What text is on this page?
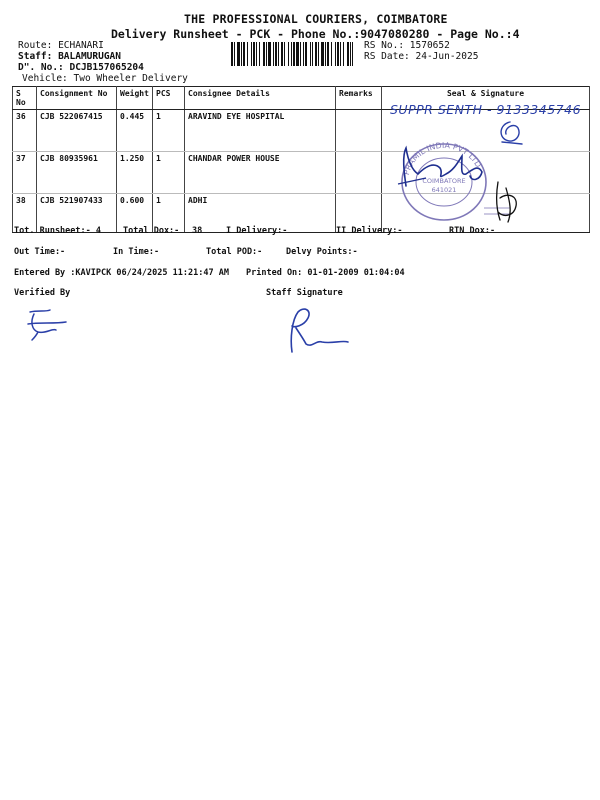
THE PROFESSIONAL COURIERS, COIMBATORE
Delivery Runsheet - PCK - Phone No.:9047080280 - Page No.:4
Route: ECHANARI
Staff: BALAMURUGAN
D". No.: DCJB157065204
Vehicle: Two Wheeler Delivery
RS No.: 1570652
RS Date: 24-Jun-2025
S No	Consignment No	Weight	PCS	Consignee Details	Remarks	Seal & Signature
36	CJB 522067415	0.445	1	ARAVIND EYE HOSPITAL		
37	CJB 80935961	1.250	1	CHANDAR POWER HOUSE		
38	CJB 521907433	0.600	1	ADHI		
SUPPR SENTH - 9133345746
PRAMIL INDIA PVT LTD
COIMBATORE
641021
Tot. Runsheet:- 4	Total Dox:- 38	I Delivery:-	II Delivery:-	RTN Dox:-
Out Time:-	In Time:-	Total POD:-	Delvy Points:-
Entered By :KAVIPCK 06/24/2025 11:21:47 AM Printed On: 01-01-2009 01:04:04
Verified By	Staff Signature
